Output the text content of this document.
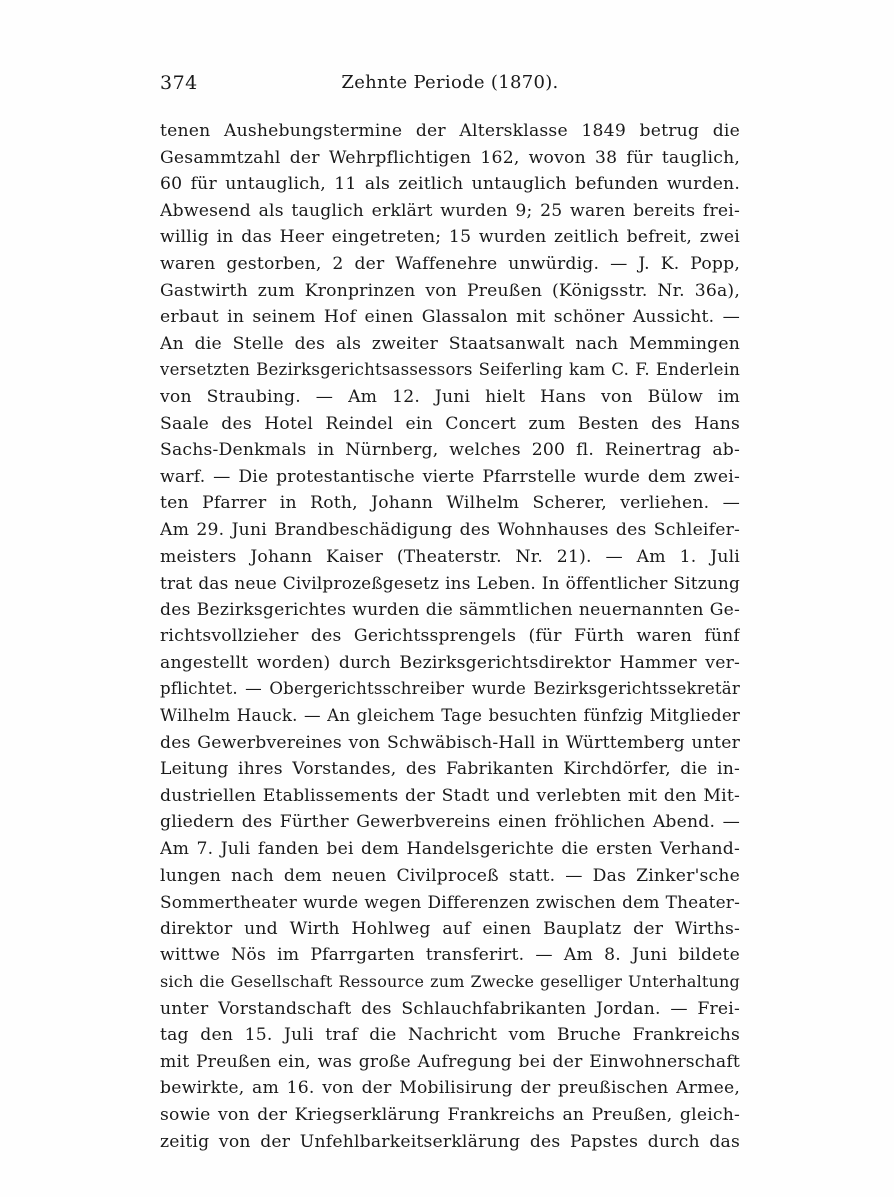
374	Zehnte Periode (1870).
tenen Aushebungstermine der Altersklasse 1849 betrug die
Gesammtzahl der Wehrpflichtigen 162, wovon 38 für tauglich,
60 für untauglich, 11 als zeitlich untauglich befunden wurden.
Abwesend als tauglich erklärt wurden 9; 25 waren bereits frei-
willig in das Heer eingetreten; 15 wurden zeitlich befreit, zwei
waren gestorben, 2 der Waffenehre unwürdig. — J. K. Popp,
Gastwirth zum Kronprinzen von Preußen (Königsstr. Nr. 36a),
erbaut in seinem Hof einen Glassalon mit schöner Aussicht. —
An die Stelle des als zweiter Staatsanwalt nach Memmingen
versetzten Bezirksgerichtsassessors Seiferling kam C. F. Enderlein
von Straubing. — Am 12. Juni hielt Hans von Bülow im
Saale des Hotel Reindel ein Concert zum Besten des Hans
Sachs-Denkmals in Nürnberg, welches 200 fl. Reinertrag ab-
warf. — Die protestantische vierte Pfarrstelle wurde dem zwei-
ten Pfarrer in Roth, Johann Wilhelm Scherer, verliehen. —
Am 29. Juni Brandbeschädigung des Wohnhauses des Schleifer-
meisters Johann Kaiser (Theaterstr. Nr. 21). — Am 1. Juli
trat das neue Civilprozeßgesetz ins Leben. In öffentlicher Sitzung
des Bezirksgerichtes wurden die sämmtlichen neuernannten Ge-
richtsvollzieher des Gerichtssprengels (für Fürth waren fünf
angestellt worden) durch Bezirksgerichtsdirektor Hammer ver-
pflichtet. — Obergerichtsschreiber wurde Bezirksgerichtssekretär
Wilhelm Hauck. — An gleichem Tage besuchten fünfzig Mitglieder
des Gewerbvereines von Schwäbisch-Hall in Württemberg unter
Leitung ihres Vorstandes, des Fabrikanten Kirchdörfer, die in-
dustriellen Etablissements der Stadt und verlebten mit den Mit-
gliedern des Fürther Gewerbvereins einen fröhlichen Abend. —
Am 7. Juli fanden bei dem Handelsgerichte die ersten Verhand-
lungen nach dem neuen Civilproceß statt. — Das Zinker'sche
Sommertheater wurde wegen Differenzen zwischen dem Theater-
direktor und Wirth Hohlweg auf einen Bauplatz der Wirths-
wittwe Nös im Pfarrgarten transferirt. — Am 8. Juni bildete
sich die Gesellschaft Ressource zum Zwecke geselliger Unterhaltung
unter Vorstandschaft des Schlauchfabrikanten Jordan. — Frei-
tag den 15. Juli traf die Nachricht vom Bruche Frankreichs
mit Preußen ein, was große Aufregung bei der Einwohnerschaft
bewirkte, am 16. von der Mobilisirung der preußischen Armee,
sowie von der Kriegserklärung Frankreichs an Preußen, gleich-
zeitig von der Unfehlbarkeitserklärung des Papstes durch das
